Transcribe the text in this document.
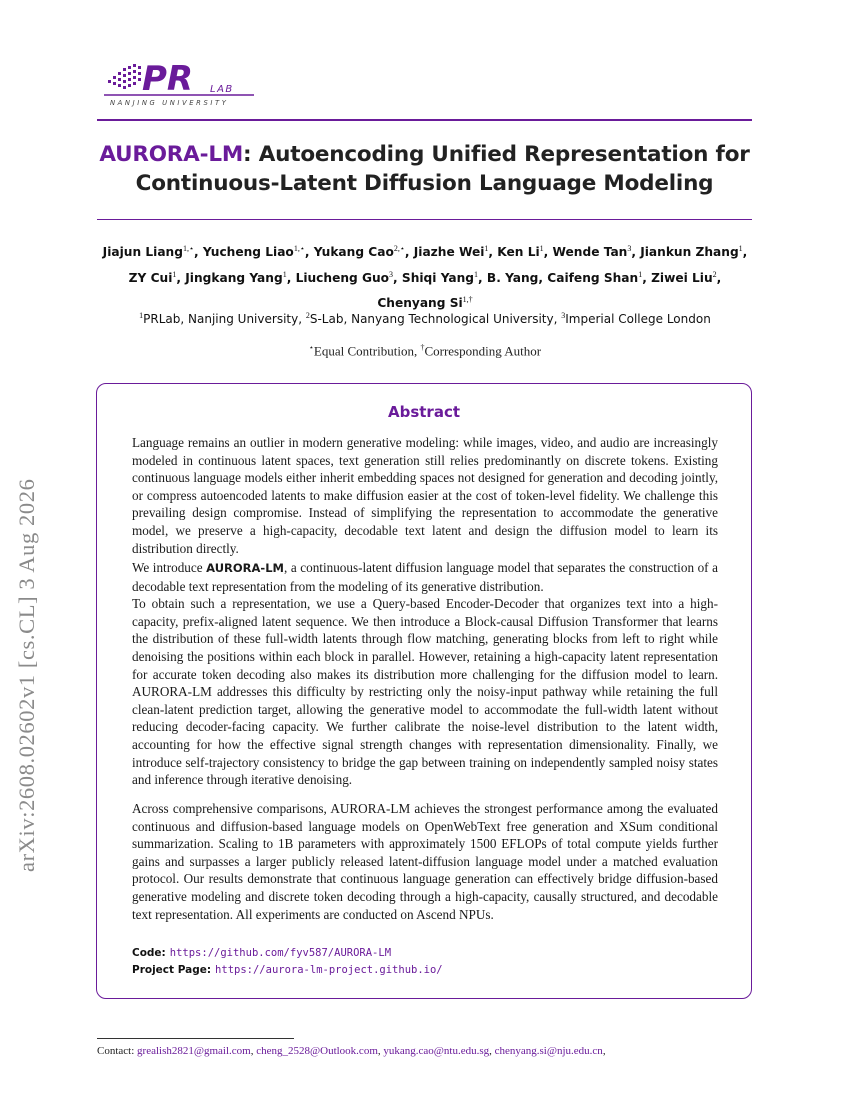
PR LAB
NANJING UNIVERSITY
AURORA-LM: Autoencoding Unified Representation for
Continuous-Latent Diffusion Language Modeling
Jiajun Liang$^{1,⋆}$, Yucheng Liao$^{1,⋆}$, Yukang Cao$^{2,⋆}$, Jiazhe Wei$^1$, Ken Li$^1$, Wende Tan$^3$, Jiankun Zhang$^1$, ZY Cui$^1$, Jingkang Yang$^1$, Liucheng Guo$^3$, Shiqi Yang$^1$, B. Yang, Caifeng Shan$^1$, Ziwei Liu$^2$, Chenyang $Si^{1,\dagger}$
$^1$PRLab, Nanjing University, $^2$S-Lab, Nanyang Technological University, $^3$Imperial College London
⋆Equal Contribution, †Corresponding Author
Abstract
Language remains an outlier in modern generative modeling: while images, video, and audio are increasingly modeled in continuous latent spaces, text generation still relies predominantly on discrete tokens. Existing continuous language models either inherit embedding spaces not designed for generation and decoding jointly, or compress autoencoded latents to make diffusion easier at the cost of token-level fidelity. We challenge this prevailing design compromise. Instead of simplifying the representation to accommodate the generative model, we preserve a high-capacity, decodable text latent and design the diffusion model to learn its distribution directly.
We introduce AURORA-LM, a continuous-latent diffusion language model that separates the construction of a decodable text representation from the modeling of its generative distribution.
To obtain such a representation, we use a Query-based Encoder-Decoder that organizes text into a high-capacity, prefix-aligned latent sequence. We then introduce a Block-causal Diffusion Transformer that learns the distribution of these full-width latents through flow matching, generating blocks from left to right while denoising the positions within each block in parallel. However, retaining a high-capacity latent representation for accurate token decoding also makes its distribution more challenging for the diffusion model to learn. AURORA-LM addresses this difficulty by restricting only the noisy-input pathway while retaining the full clean-latent prediction target, allowing the generative model to accommodate the full-width latent without reducing decoder-facing capacity. We further calibrate the noise-level distribution to the latent width, accounting for how the effective signal strength changes with representation dimensionality. Finally, we introduce self-trajectory consistency to bridge the gap between training on independently sampled noisy states and inference through iterative denoising.
Across comprehensive comparisons, AURORA-LM achieves the strongest performance among the evaluated continuous and diffusion-based language models on OpenWebText free generation and XSum conditional summarization. Scaling to 1B parameters with approximately 1500 EFLOPs of total compute yields further gains and surpasses a larger publicly released latent-diffusion language model under a matched evaluation protocol. Our results demonstrate that continuous language generation can effectively bridge diffusion-based generative modeling and discrete token decoding through a high-capacity, causally structured, and decodable text representation. All experiments are conducted on Ascend NPUs.
Code: https://github.com/fyv587/AURORA-LM
Project Page: https://aurora-lm-project.github.io/
arXiv:2608.02602v1 [cs.CL] 3 Aug 2026
Contact: grealish2821@gmail.com, cheng_2528@Outlook.com, yukang.cao@ntu.edu.sg, chenyang.si@nju.edu.cn,
